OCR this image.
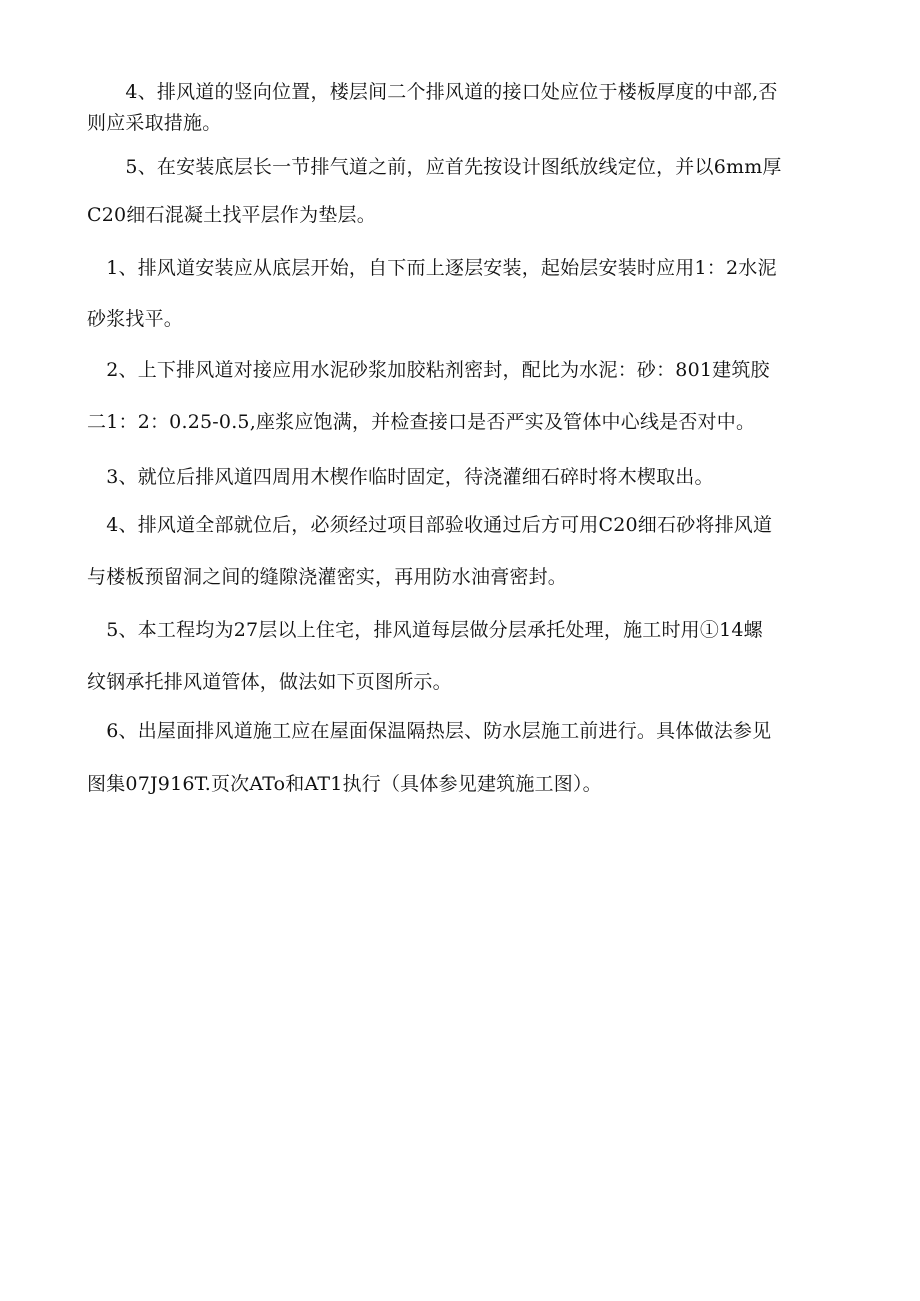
　　4、排风道的竖向位置，楼层间二个排风道的接口处应位于楼板厚度的中部,否
则应采取措施。
　　5、在安装底层长一节排气道之前，应首先按设计图纸放线定位，并以6mm厚
C20细石混凝土找平层作为垫层。
　1、排风道安装应从底层开始，自下而上逐层安装，起始层安装时应用1：2水泥
砂浆找平。
　2、上下排风道对接应用水泥砂浆加胶粘剂密封，配比为水泥：砂：801建筑胶
二1：2：0.25-0.5,座浆应饱满，并检查接口是否严实及管体中心线是否对中。
　3、就位后排风道四周用木楔作临时固定，待浇灌细石碎时将木楔取出。
　4、排风道全部就位后，必须经过项目部验收通过后方可用C20细石砂将排风道
与楼板预留洞之间的缝隙浇灌密实，再用防水油膏密封。
　5、本工程均为27层以上住宅，排风道每层做分层承托处理，施工时用①14螺
纹钢承托排风道管体，做法如下页图所示。
　6、出屋面排风道施工应在屋面保温隔热层、防水层施工前进行。具体做法参见
图集07J916T.页次ATo和AT1执行（具体参见建筑施工图）。
